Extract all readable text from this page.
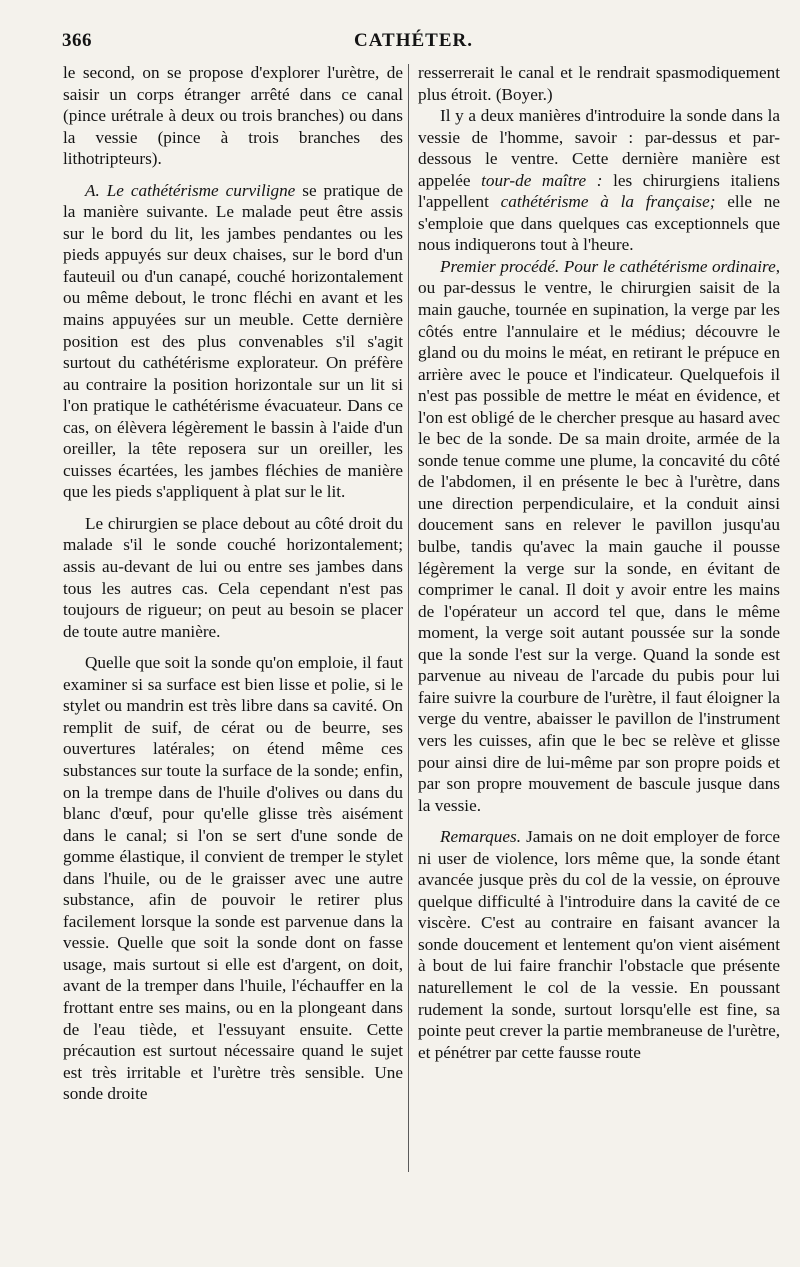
366	CATHÉTER.

le second, on se propose d'explorer l'urètre, de saisir un corps étranger arrêté dans ce canal (pince urétrale à deux ou trois branches) ou dans la vessie (pince à trois branches des lithotripteurs).

A. Le cathétérisme curviligne se pratique de la manière suivante. Le malade peut être assis sur le bord du lit, les jambes pendantes ou les pieds appuyés sur deux chaises, sur le bord d'un fauteuil ou d'un canapé, couché horizontalement ou même debout, le tronc fléchi en avant et les mains appuyées sur un meuble. Cette dernière position est des plus convenables s'il s'agit surtout du cathétérisme explorateur. On préfère au contraire la position horizontale sur un lit si l'on pratique le cathétérisme évacuateur. Dans ce cas, on élèvera légèrement le bassin à l'aide d'un oreiller, la tête reposera sur un oreiller, les cuisses écartées, les jambes fléchies de manière que les pieds s'appliquent à plat sur le lit.

Le chirurgien se place debout au côté droit du malade s'il le sonde couché horizontalement; assis au-devant de lui ou entre ses jambes dans tous les autres cas. Cela cependant n'est pas toujours de rigueur; on peut au besoin se placer de toute autre manière.

Quelle que soit la sonde qu'on emploie, il faut examiner si sa surface est bien lisse et polie, si le stylet ou mandrin est très libre dans sa cavité. On remplit de suif, de cérat ou de beurre, ses ouvertures latérales; on étend même ces substances sur toute la surface de la sonde; enfin, on la trempe dans de l'huile d'olives ou dans du blanc d'œuf, pour qu'elle glisse très aisément dans le canal; si l'on se sert d'une sonde de gomme élastique, il convient de tremper le stylet dans l'huile, ou de le graisser avec une autre substance, afin de pouvoir le retirer plus facilement lorsque la sonde est parvenue dans la vessie. Quelle que soit la sonde dont on fasse usage, mais surtout si elle est d'argent, on doit, avant de la tremper dans l'huile, l'échauffer en la frottant entre ses mains, ou en la plongeant dans de l'eau tiède, et l'essuyant ensuite. Cette précaution est surtout nécessaire quand le sujet est très irritable et l'urètre très sensible. Une sonde droite

resserrerait le canal et le rendrait spasmodiquement plus étroit. (Boyer.)

Il y a deux manières d'introduire la sonde dans la vessie de l'homme, savoir : par-dessus et par-dessous le ventre. Cette dernière manière est appelée tour-de maître : les chirurgiens italiens l'appellent cathétérisme à la française; elle ne s'emploie que dans quelques cas exceptionnels que nous indiquerons tout à l'heure.

Premier procédé. Pour le cathétérisme ordinaire, ou par-dessus le ventre, le chirurgien saisit de la main gauche, tournée en supination, la verge par les côtés entre l'annulaire et le médius; découvre le gland ou du moins le méat, en retirant le prépuce en arrière avec le pouce et l'indicateur. Quelquefois il n'est pas possible de mettre le méat en évidence, et l'on est obligé de le chercher presque au hasard avec le bec de la sonde. De sa main droite, armée de la sonde tenue comme une plume, la concavité du côté de l'abdomen, il en présente le bec à l'urètre, dans une direction perpendiculaire, et la conduit ainsi doucement sans en relever le pavillon jusqu'au bulbe, tandis qu'avec la main gauche il pousse légèrement la verge sur la sonde, en évitant de comprimer le canal. Il doit y avoir entre les mains de l'opérateur un accord tel que, dans le même moment, la verge soit autant poussée sur la sonde que la sonde l'est sur la verge. Quand la sonde est parvenue au niveau de l'arcade du pubis pour lui faire suivre la courbure de l'urètre, il faut éloigner la verge du ventre, abaisser le pavillon de l'instrument vers les cuisses, afin que le bec se relève et glisse pour ainsi dire de lui-même par son propre poids et par son propre mouvement de bascule jusque dans la vessie.

Remarques. Jamais on ne doit employer de force ni user de violence, lors même que, la sonde étant avancée jusque près du col de la vessie, on éprouve quelque difficulté à l'introduire dans la cavité de ce viscère. C'est au contraire en faisant avancer la sonde doucement et lentement qu'on vient aisément à bout de lui faire franchir l'obstacle que présente naturellement le col de la vessie. En poussant rudement la sonde, surtout lorsqu'elle est fine, sa pointe peut crever la partie membraneuse de l'urètre, et pénétrer par cette fausse route
